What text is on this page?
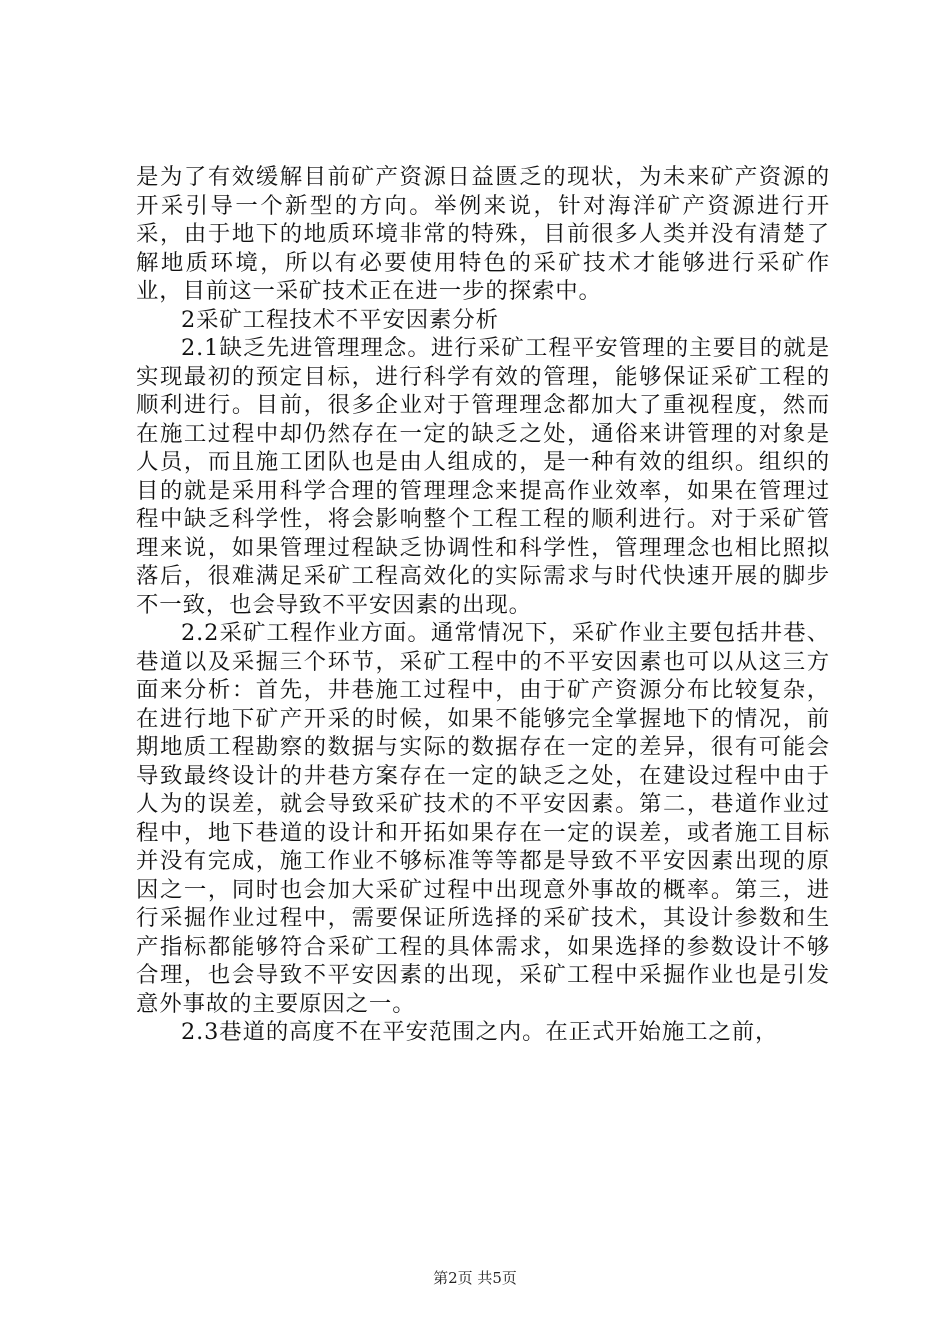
是为了有效缓解目前矿产资源日益匮乏的现状，为未来矿产资源的开采引导一个新型的方向。举例来说，针对海洋矿产资源进行开采，由于地下的地质环境非常的特殊，目前很多人类并没有清楚了解地质环境，所以有必要使用特色的采矿技术才能够进行采矿作业，目前这一采矿技术正在进一步的探索中。

2采矿工程技术不平安因素分析

2.1缺乏先进管理理念。进行采矿工程平安管理的主要目的就是实现最初的预定目标，进行科学有效的管理，能够保证采矿工程的顺利进行。目前，很多企业对于管理理念都加大了重视程度，然而在施工过程中却仍然存在一定的缺乏之处，通俗来讲管理的对象是人员，而且施工团队也是由人组成的，是一种有效的组织。组织的目的就是采用科学合理的管理理念来提高作业效率，如果在管理过程中缺乏科学性，将会影响整个工程工程的顺利进行。对于采矿管理来说，如果管理过程缺乏协调性和科学性，管理理念也相比照拟落后，很难满足采矿工程高效化的实际需求与时代快速开展的脚步不一致，也会导致不平安因素的出现。

2.2采矿工程作业方面。通常情况下，采矿作业主要包括井巷、巷道以及采掘三个环节，采矿工程中的不平安因素也可以从这三方面来分析：首先，井巷施工过程中，由于矿产资源分布比较复杂，在进行地下矿产开采的时候，如果不能够完全掌握地下的情况，前期地质工程勘察的数据与实际的数据存在一定的差异，很有可能会导致最终设计的井巷方案存在一定的缺乏之处，在建设过程中由于人为的误差，就会导致采矿技术的不平安因素。第二，巷道作业过程中，地下巷道的设计和开拓如果存在一定的误差，或者施工目标并没有完成，施工作业不够标准等等都是导致不平安因素出现的原因之一，同时也会加大采矿过程中出现意外事故的概率。第三，进行采掘作业过程中，需要保证所选择的采矿技术，其设计参数和生产指标都能够符合采矿工程的具体需求，如果选择的参数设计不够合理，也会导致不平安因素的出现，采矿工程中采掘作业也是引发意外事故的主要原因之一。

2.3巷道的高度不在平安范围之内。在正式开始施工之前，

第2页 共5页
